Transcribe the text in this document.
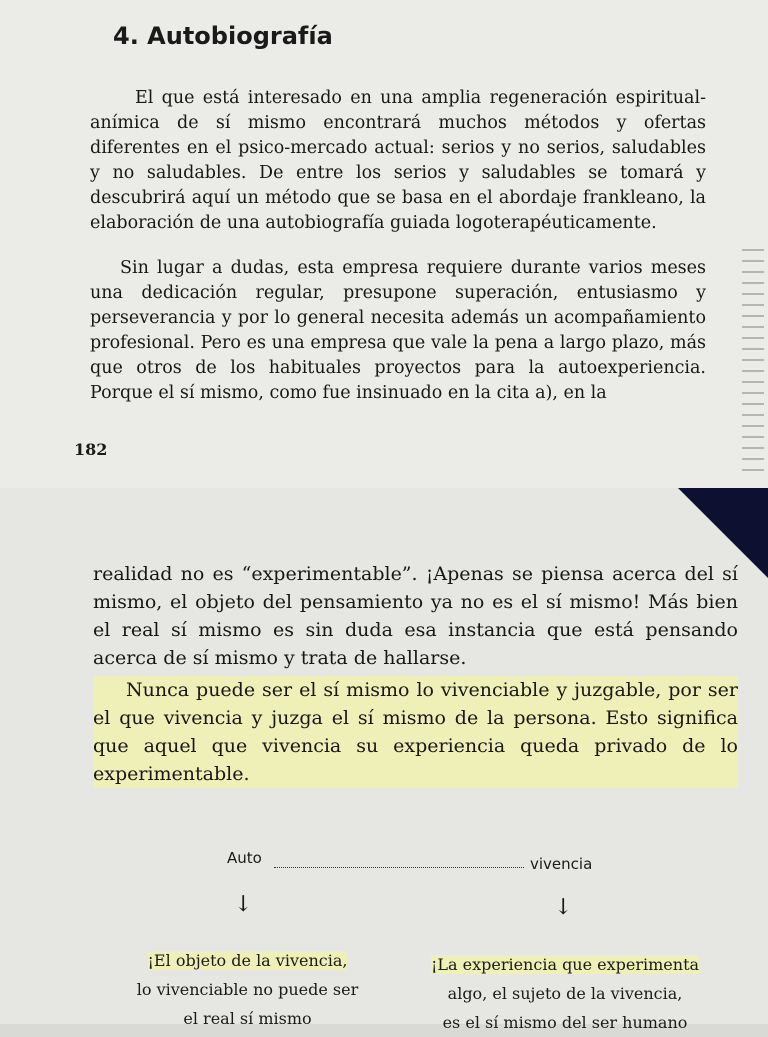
4. Autobiografía

El que está interesado en una amplia regeneración espiritual-anímica de sí mismo encontrará muchos métodos y ofertas diferentes en el psico-mercado actual: serios y no serios, saludables y no saludables. De entre los serios y saludables se tomará y descubrirá aquí un método que se basa en el abordaje frankleano, la elaboración de una autobiografía guiada logoterapéuticamente.

Sin lugar a dudas, esta empresa requiere durante varios meses una dedicación regular, presupone superación, entusiasmo y perseverancia y por lo general necesita además un acompañamiento profesional. Pero es una empresa que vale la pena a largo plazo, más que otros de los habituales proyectos para la autoexperiencia. Porque el sí mismo, como fue insinuado en la cita a), en la

182

realidad no es “experimentable”. ¡Apenas se piensa acerca del sí mismo, el objeto del pensamiento ya no es el sí mismo! Más bien el real sí mismo es sin duda esa instancia que está pensando acerca de sí mismo y trata de hallarse.

Nunca puede ser el sí mismo lo vivenciable y juzgable, por ser el que vivencia y juzga el sí mismo de la persona. Esto significa que aquel que vivencia su experiencia queda privado de lo experimentable.

Auto	vivencia
↓	↓

¡El objeto de la vivencia,
lo vivenciable no puede ser
el real sí mismo

¡La experiencia que experimenta
algo, el sujeto de la vivencia,
es el sí mismo del ser humano
